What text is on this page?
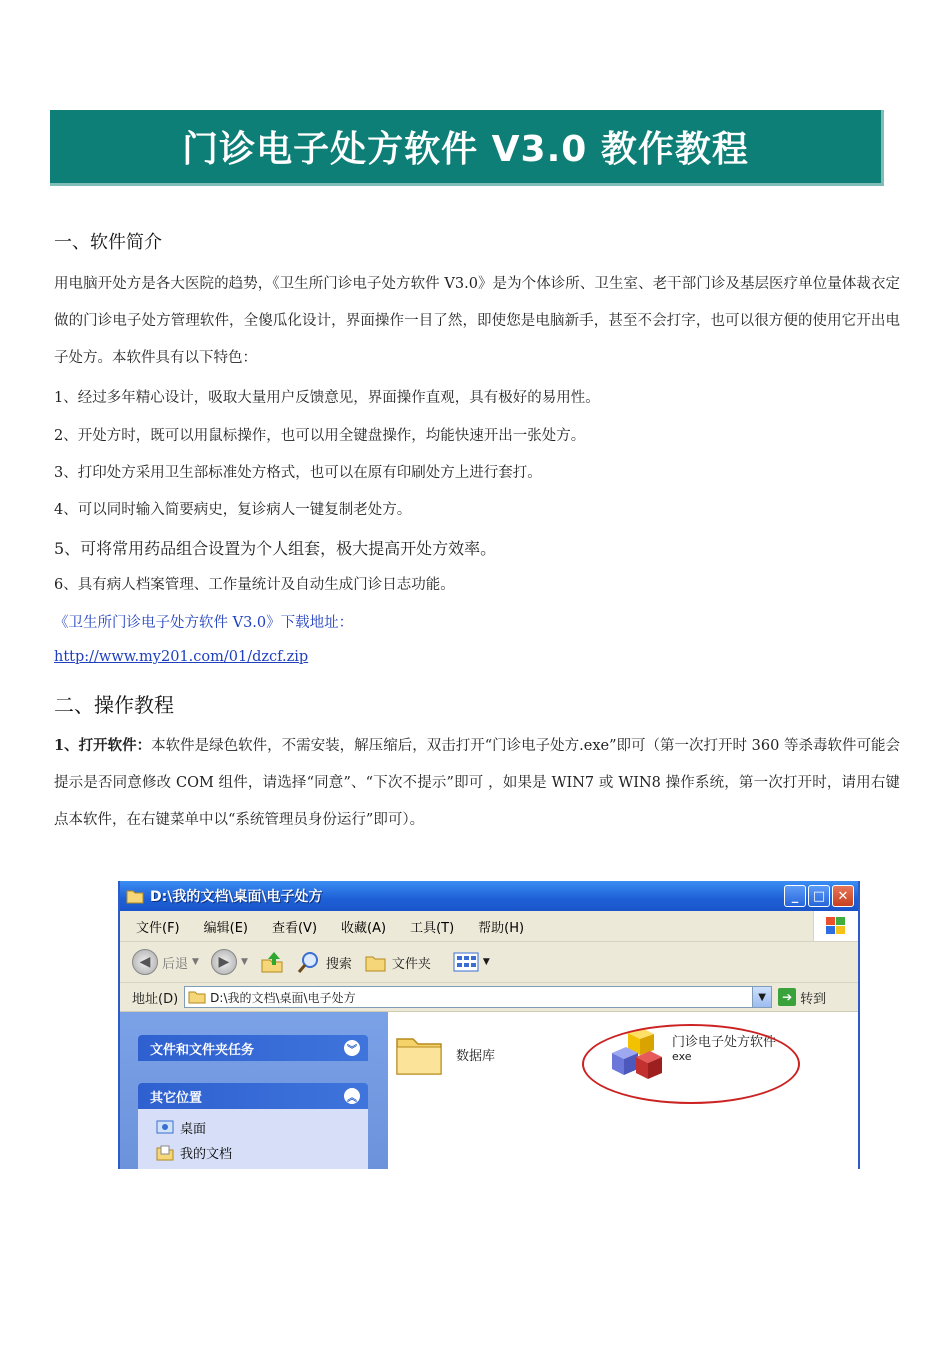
门诊电子处方软件 V3.0 教作教程
一、软件简介
用电脑开处方是各大医院的趋势，《卫生所门诊电子处方软件 V3.0》是为个体诊所、卫生室、老干部门诊及基层医疗单位量体裁衣定做的门诊电子处方管理软件，全傻瓜化设计，界面操作一目了然，即使您是电脑新手，甚至不会打字，也可以很方便的使用它开出电子处方。本软件具有以下特色：
1、经过多年精心设计，吸取大量用户反馈意见，界面操作直观，具有极好的易用性。
2、开处方时，既可以用鼠标操作，也可以用全键盘操作，均能快速开出一张处方。
3、打印处方采用卫生部标准处方格式，也可以在原有印刷处方上进行套打。
4、可以同时输入简要病史，复诊病人一键复制老处方。
5、可将常用药品组合设置为个人组套，极大提高开处方效率。
6、具有病人档案管理、工作量统计及自动生成门诊日志功能。
《卫生所门诊电子处方软件 V3.0》下载地址：
http://www.my201.com/01/dzcf.zip
二、操作教程
1、打开软件：本软件是绿色软件，不需安装，解压缩后，双击打开“门诊电子处方.exe”即可（第一次打开时 360 等杀毒软件可能会提示是否同意修改 COM 组件，请选择“同意”、“下次不提示”即可 ，如果是 WIN7 或 WIN8 操作系统，第一次打开时，请用右键点本软件，在右键菜单中以“系统管理员身份运行”即可）。
D:\我的文档\桌面\电子处方	_	□ ✕
文件(F) 编辑(E) 查看(V) 收藏(A) 工具(T) 帮助(H)
◀ 后退 ▼	▶	▼	搜索	文件夹	▼
地址(D)	D:\我的文档\桌面\电子处方	▼	➔ 转到
文件和文件夹任务	︾
其它位置	︽
桌面
我的文档
数据库
门诊电子处方软件
exe
